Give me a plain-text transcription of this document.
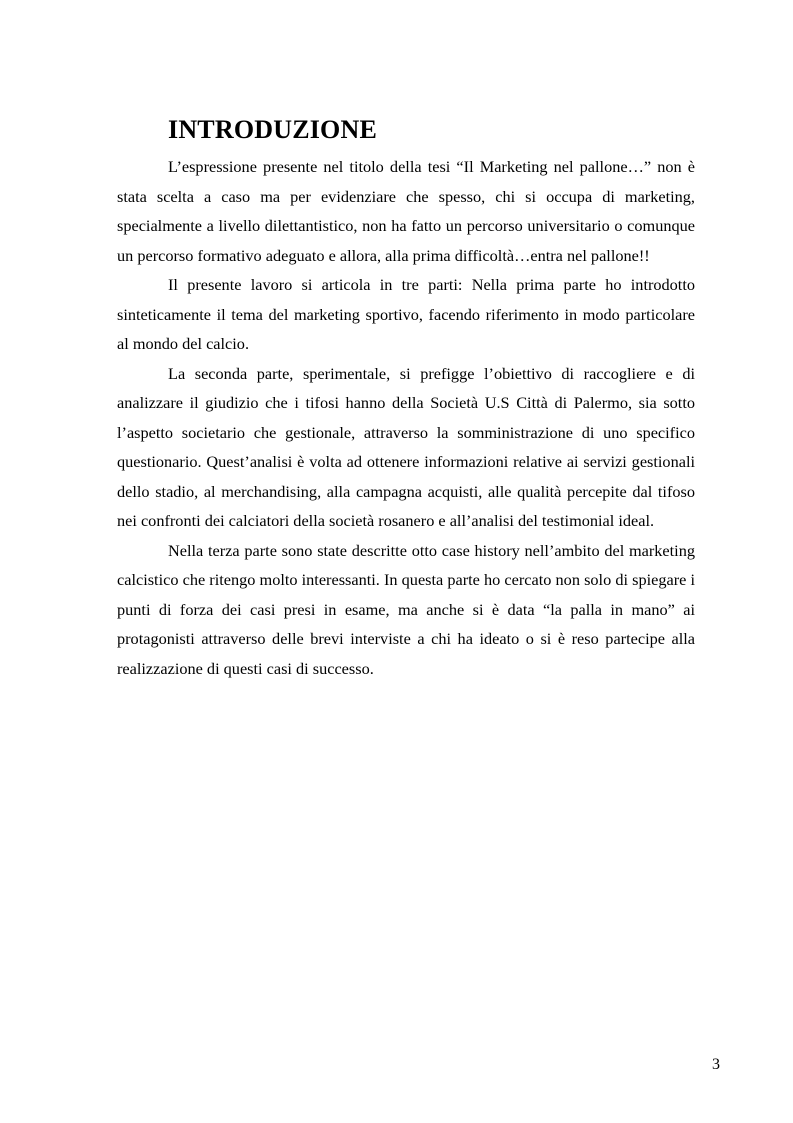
INTRODUZIONE

L’espressione presente nel titolo della tesi “Il Marketing nel pallone…” non è stata scelta a caso ma per evidenziare che spesso, chi si occupa di marketing, specialmente a livello dilettantistico, non ha fatto un percorso universitario o comunque un percorso formativo adeguato e allora, alla prima difficoltà…entra nel pallone!!

Il presente lavoro si articola in tre parti: Nella prima parte ho introdotto sinteticamente il tema del marketing sportivo, facendo riferimento in modo particolare al mondo del calcio.

La seconda parte, sperimentale, si prefigge l’obiettivo di raccogliere e di analizzare il giudizio che i tifosi hanno della Società U.S Città di Palermo, sia sotto l’aspetto societario che gestionale, attraverso la somministrazione di uno specifico questionario. Quest’analisi è volta ad ottenere informazioni relative ai servizi gestionali dello stadio, al merchandising, alla campagna acquisti, alle qualità percepite dal tifoso nei confronti dei calciatori della società rosanero e all’analisi del testimonial ideal.

Nella terza parte sono state descritte otto case history nell’ambito del marketing calcistico che ritengo molto interessanti. In questa parte ho cercato non solo di spiegare i punti di forza dei casi presi in esame, ma anche si è data “la palla in mano” ai protagonisti attraverso delle brevi interviste a chi ha ideato o si è reso partecipe alla realizzazione di questi casi di successo.

3
